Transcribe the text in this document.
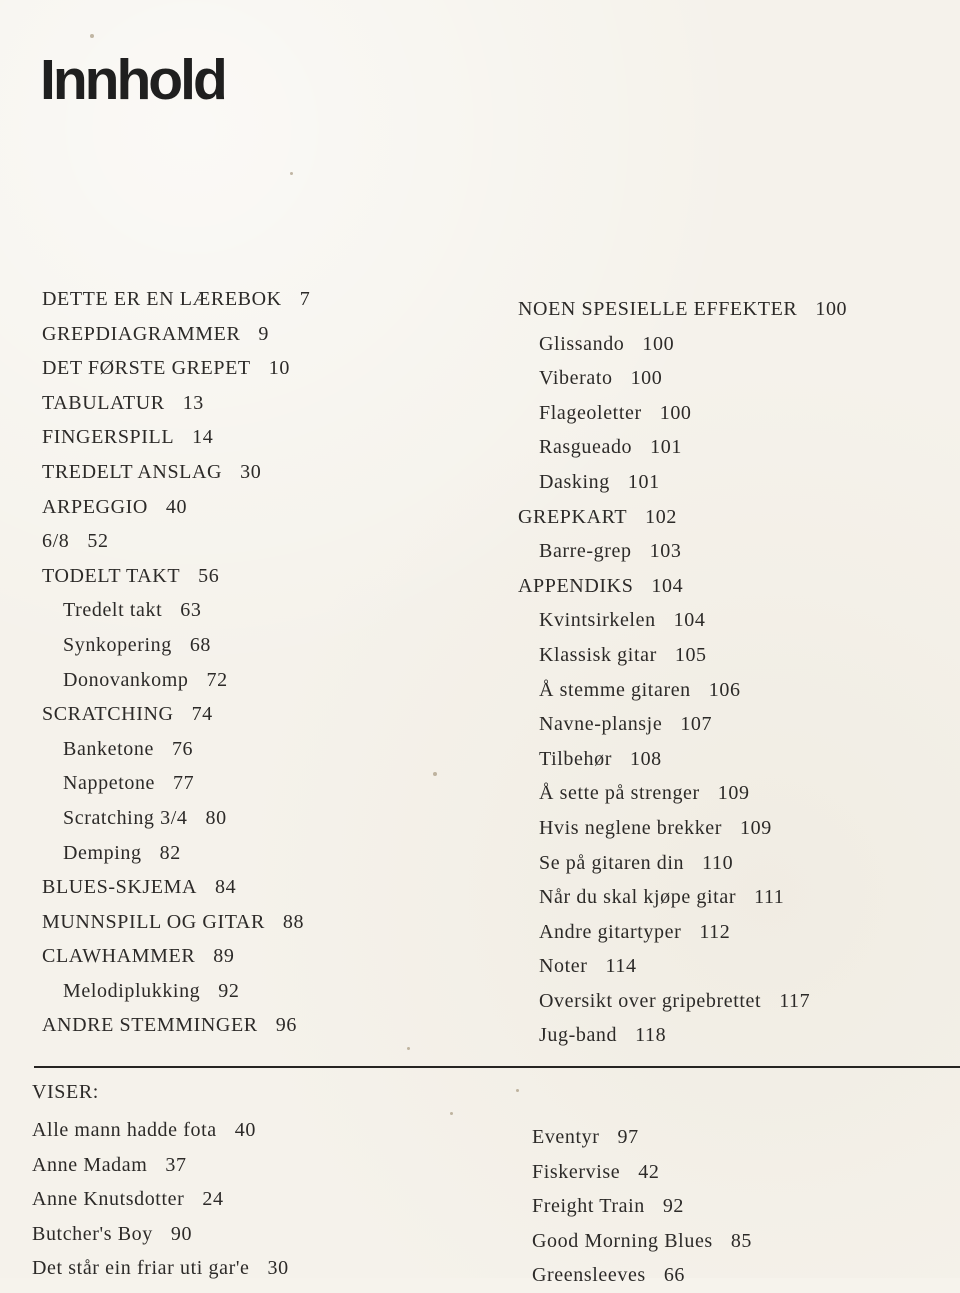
Innhold
DETTE ER EN LÆREBOK 7
GREPDIAGRAMMER 9
DET FØRSTE GREPET 10
TABULATUR 13
FINGERSPILL 14
TREDELT ANSLAG 30
ARPEGGIO 40
6/8 52
TODELT TAKT 56
Tredelt takt 63
Synkopering 68
Donovankomp 72
SCRATCHING 74
Banketone 76
Nappetone 77
Scratching 3/4 80
Demping 82
BLUES-SKJEMA 84
MUNNSPILL OG GITAR 88
CLAWHAMMER 89
Melodiplukking 92
ANDRE STEMMINGER 96
NOEN SPESIELLE EFFEKTER 100
Glissando 100
Viberato 100
Flageoletter 100
Rasgueado 101
Dasking 101
GREPKART 102
Barre-grep 103
APPENDIKS 104
Kvintsirkelen 104
Klassisk gitar 105
Å stemme gitaren 106
Navne-plansje 107
Tilbehør 108
Å sette på strenger 109
Hvis neglene brekker 109
Se på gitaren din 110
Når du skal kjøpe gitar 111
Andre gitartyper 112
Noter 114
Oversikt over gripebrettet 117
Jug-band 118
VISER:
Alle mann hadde fota 40
Anne Madam 37
Anne Knutsdotter 24
Butcher's Boy 90
Det står ein friar uti gar'e 30
Eventyr 97
Fiskervise 42
Freight Train 92
Good Morning Blues 85
Greensleeves 66
